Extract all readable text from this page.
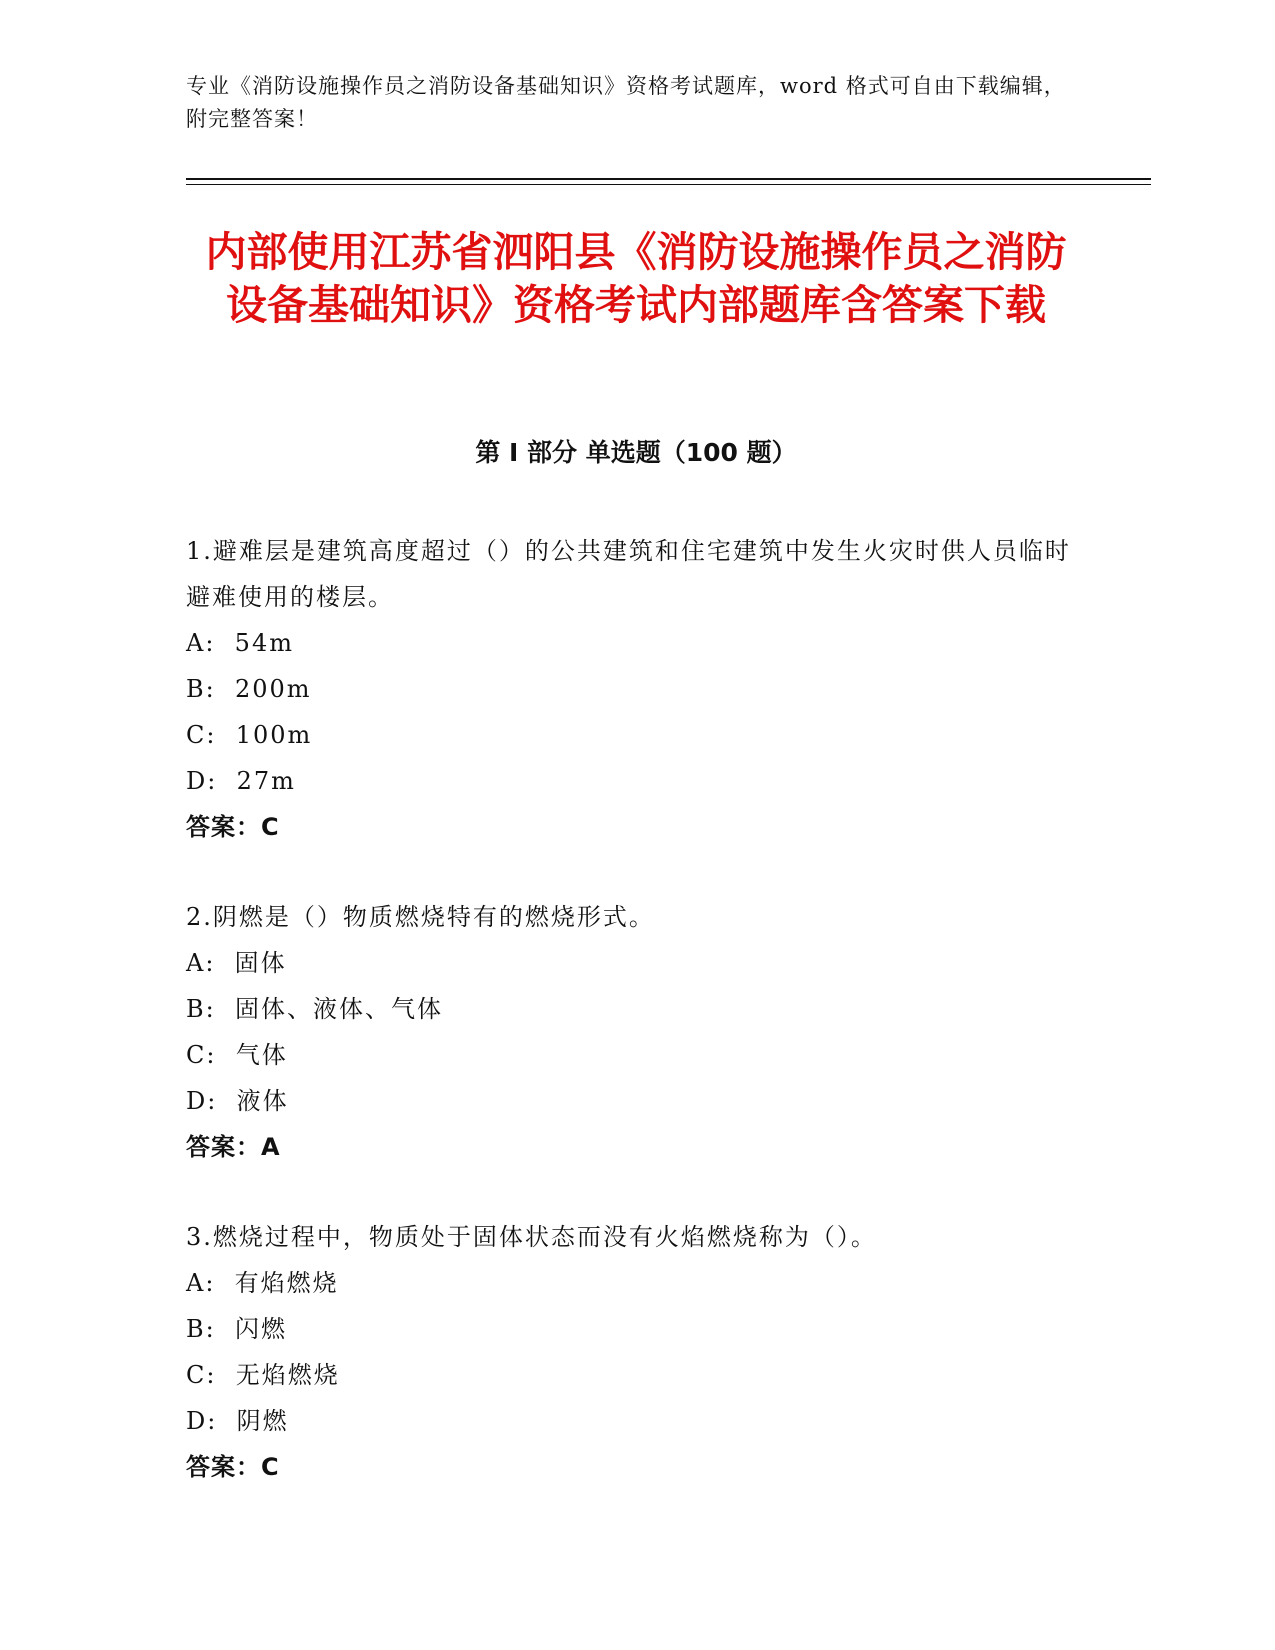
专业《消防设施操作员之消防设备基础知识》资格考试题库，word 格式可自由下载编辑，附完整答案！
内部使用江苏省泗阳县《消防设施操作员之消防设备基础知识》资格考试内部题库含答案下载
第 I 部分 单选题（100 题）
1.避难层是建筑高度超过（）的公共建筑和住宅建筑中发生火灾时供人员临时避难使用的楼层。
A:  54m
B:  200m
C:  100m
D:  27m
答案：C
2.阴燃是（）物质燃烧特有的燃烧形式。
A:  固体
B:  固体、液体、气体
C:  气体
D:  液体
答案：A
3.燃烧过程中，物质处于固体状态而没有火焰燃烧称为（）。
A:  有焰燃烧
B:  闪燃
C:  无焰燃烧
D:  阴燃
答案：C
